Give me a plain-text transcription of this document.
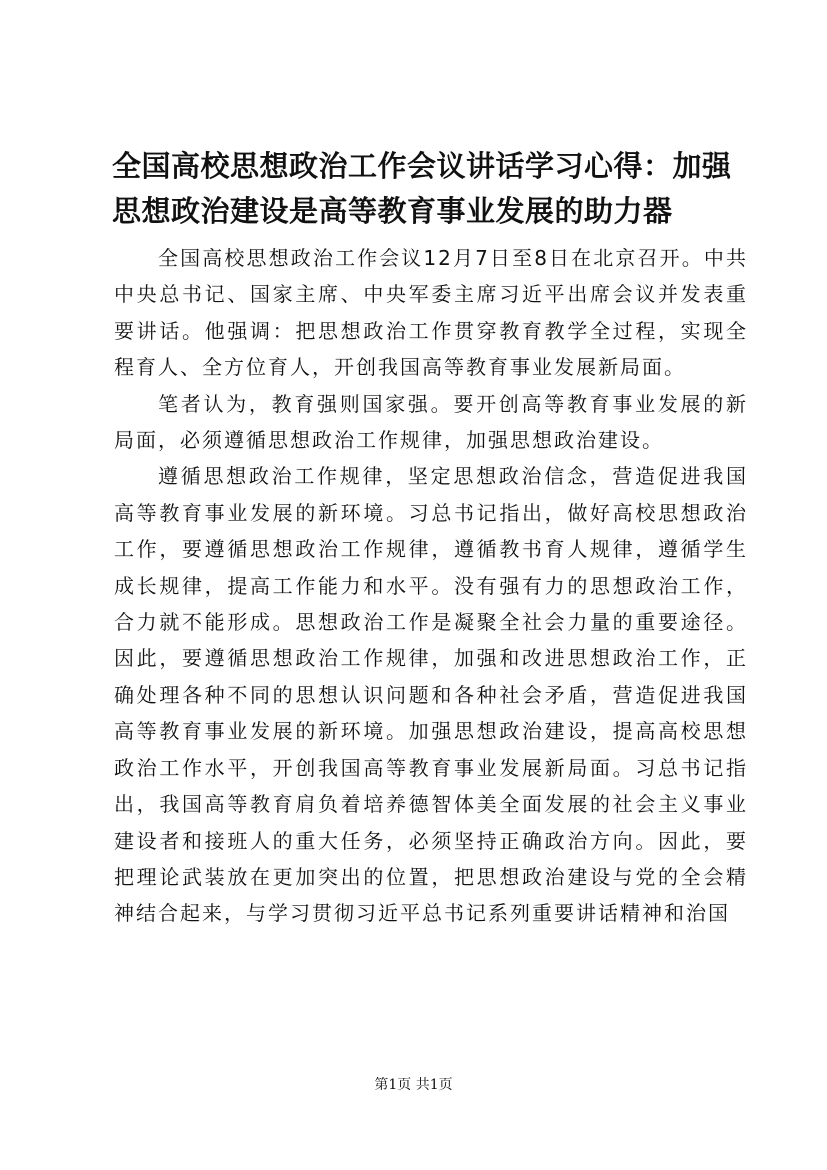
全国高校思想政治工作会议讲话学习心得：加强思想政治建设是高等教育事业发展的助力器

全国高校思想政治工作会议12月7日至8日在北京召开。中共中央总书记、国家主席、中央军委主席习近平出席会议并发表重要讲话。他强调：把思想政治工作贯穿教育教学全过程，实现全程育人、全方位育人，开创我国高等教育事业发展新局面。

笔者认为，教育强则国家强。要开创高等教育事业发展的新局面，必须遵循思想政治工作规律，加强思想政治建设。

遵循思想政治工作规律，坚定思想政治信念，营造促进我国高等教育事业发展的新环境。习总书记指出，做好高校思想政治工作，要遵循思想政治工作规律，遵循教书育人规律，遵循学生成长规律，提高工作能力和水平。没有强有力的思想政治工作，合力就不能形成。思想政治工作是凝聚全社会力量的重要途径。因此，要遵循思想政治工作规律，加强和改进思想政治工作，正确处理各种不同的思想认识问题和各种社会矛盾，营造促进我国高等教育事业发展的新环境。加强思想政治建设，提高高校思想政治工作水平，开创我国高等教育事业发展新局面。习总书记指出，我国高等教育肩负着培养德智体美全面发展的社会主义事业建设者和接班人的重大任务，必须坚持正确政治方向。因此，要把理论武装放在更加突出的位置，把思想政治建设与党的全会精神结合起来，与学习贯彻习近平总书记系列重要讲话精神和治国

第1页 共1页
